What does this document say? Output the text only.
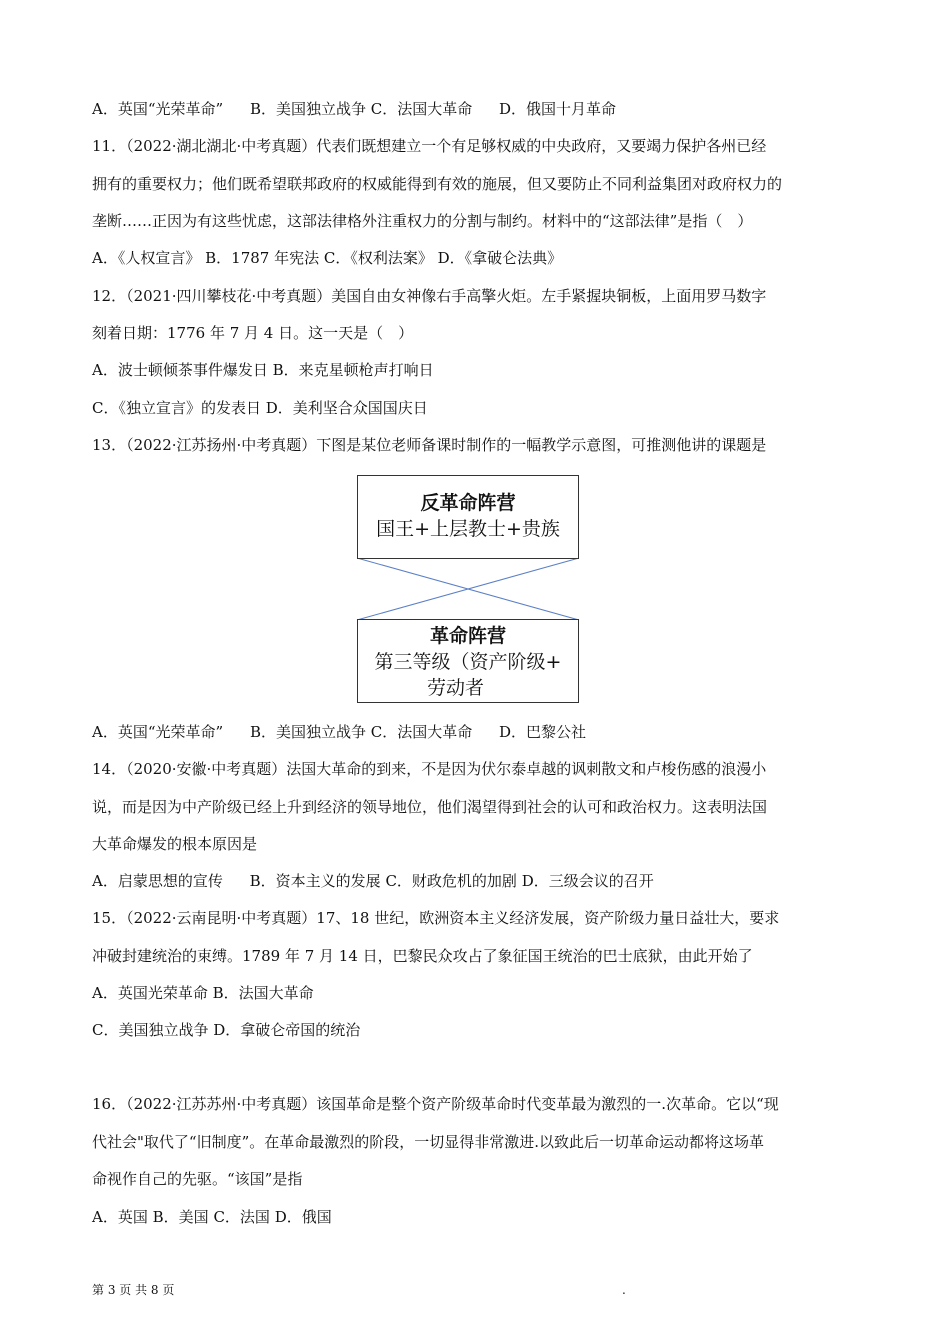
A．英国“光荣革命” B．美国独立战争 C．法国大革命 D．俄国十月革命
11．（2022·湖北湖北·中考真题）代表们既想建立一个有足够权威的中央政府，又要竭力保护各州已经
拥有的重要权力；他们既希望联邦政府的权威能得到有效的施展，但又要防止不同利益集团对政府权力的
垄断……正因为有这些忧虑，这部法律格外注重权力的分割与制约。材料中的“这部法律”是指（　）
A．《人权宣言》 B．1787 年宪法 C．《权利法案》 D．《拿破仑法典》
12．（2021·四川攀枝花·中考真题）美国自由女神像右手高擎火炬。左手紧握块铜板，上面用罗马数字
刻着日期：1776 年 7 月 4 日。这一天是（　）
A．波士顿倾茶事件爆发日 B．来克星顿枪声打响日
C．《独立宣言》的发表日 D．美利坚合众国国庆日
13．（2022·江苏扬州·中考真题）下图是某位老师备课时制作的一幅教学示意图，可推测他讲的课题是
反革命阵营
国王+上层教士+贵族
革命阵营
第三等级（资产阶级+
劳动者
A．英国“光荣革命” B．美国独立战争 C．法国大革命 D．巴黎公社
14．（2020·安徽·中考真题）法国大革命的到来，不是因为伏尔泰卓越的讽刺散文和卢梭伤感的浪漫小
说，而是因为中产阶级已经上升到经济的领导地位，他们渴望得到社会的认可和政治权力。这表明法国
大革命爆发的根本原因是
A．启蒙思想的宣传 B．资本主义的发展 C．财政危机的加剧 D．三级会议的召开
15．（2022·云南昆明·中考真题）17、18 世纪，欧洲资本主义经济发展，资产阶级力量日益壮大，要求
冲破封建统治的束缚。1789 年 7 月 14 日，巴黎民众攻占了象征国王统治的巴士底狱，由此开始了
A．英国光荣革命 B．法国大革命
C．美国独立战争 D．拿破仑帝国的统治
16．（2022·江苏苏州·中考真题）该国革命是整个资产阶级革命时代变革最为激烈的一.次革命。它以“现
代社会"取代了“旧制度”。在革命最激烈的阶段，一切显得非常激进.以致此后一切革命运动都将这场革
命视作自己的先驱。“该国”是指
A．英国 B．美国 C．法国 D．俄国
第 3 页 共 8 页	.
